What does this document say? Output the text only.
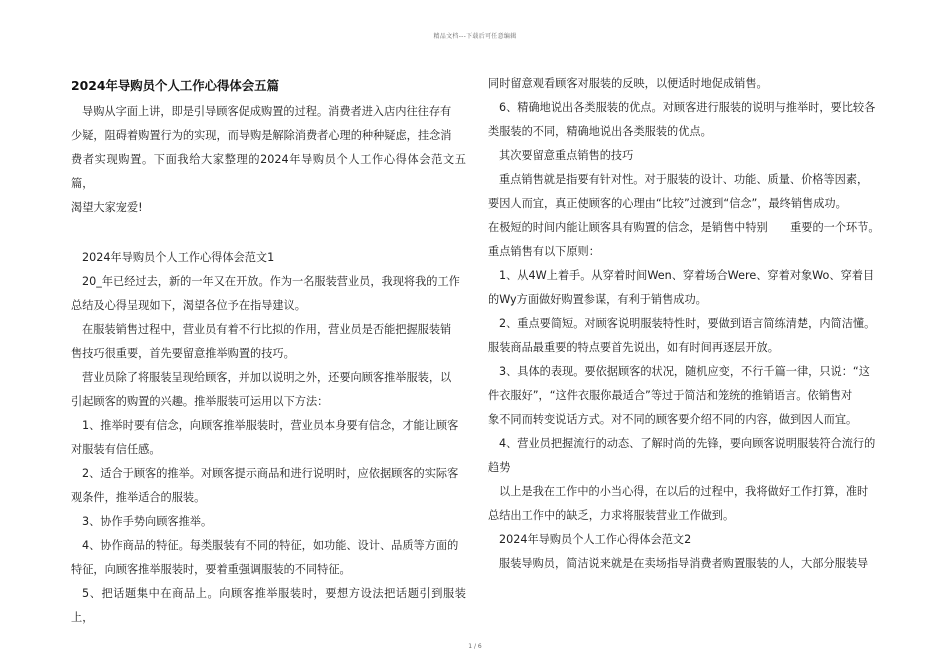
精品文档---下载后可任意编辑
2024年导购员个人工作心得体会五篇
导购从字面上讲，即是引导顾客促成购置的过程。消费者进入店内往往存有
少疑，阻碍着购置行为的实现，而导购是解除消费者心理的种种疑虑，挂念消
费者实现购置。下面我给大家整理的2024年导购员个人工作心得体会范文五篇，
渴望大家宠爱!
2024年导购员个人工作心得体会范文1
20_年已经过去，新的一年又在开放。作为一名服装营业员，我现将我的工作
总结及心得呈现如下，渴望各位予在指导建议。
在服装销售过程中，营业员有着不行比拟的作用，营业员是否能把握服装销
售技巧很重要，首先要留意推举购置的技巧。
营业员除了将服装呈现给顾客，并加以说明之外，还要向顾客推举服装，以
引起顾客的购置的兴趣。推举服装可运用以下方法：
1、推举时要有信念，向顾客推举服装时，营业员本身要有信念，才能让顾客
对服装有信任感。
2、适合于顾客的推举。对顾客提示商品和进行说明时，应依据顾客的实际客
观条件，推举适合的服装。
3、协作手势向顾客推举。
4、协作商品的特征。每类服装有不同的特征，如功能、设计、品质等方面的
特征，向顾客推举服装时，要着重强调服装的不同特征。
5、把话题集中在商品上。向顾客推举服装时，要想方设法把话题引到服装上，
同时留意观看顾客对服装的反映，以便适时地促成销售。
6、精确地说出各类服装的优点。对顾客进行服装的说明与推举时，要比较各
类服装的不同，精确地说出各类服装的优点。
其次要留意重点销售的技巧
重点销售就是指要有针对性。对于服装的设计、功能、质量、价格等因素，
要因人而宜，真正使顾客的心理由“比较”过渡到“信念”，最终销售成功。
在极短的时间内能让顾客具有购置的信念，是销售中特别　　重要的一个环节。
重点销售有以下原则：
1、从4W上着手。从穿着时间Wen、穿着场合Were、穿着对象Wo、穿着目
的Wy方面做好购置参谋，有利于销售成功。
2、重点要简短。对顾客说明服装特性时，要做到语言简练清楚，内简洁懂。
服装商品最重要的特点要首先说出，如有时间再逐层开放。
3、具体的表现。要依据顾客的状况，随机应变，不行千篇一律，只说：“这
件衣服好”，“这件衣服你最适合”等过于简洁和笼统的推销语言。依销售对
象不同而转变说话方式。对不同的顾客要介绍不同的内容，做到因人而宜。
4、营业员把握流行的动态、了解时尚的先锋，要向顾客说明服装符合流行的
趋势
以上是我在工作中的小当心得，在以后的过程中，我将做好工作打算，准时
总结出工作中的缺乏，力求将服装营业工作做到。
2024年导购员个人工作心得体会范文2
服装导购员，简洁说来就是在卖场指导消费者购置服装的人，大部分服装导
1 / 6
